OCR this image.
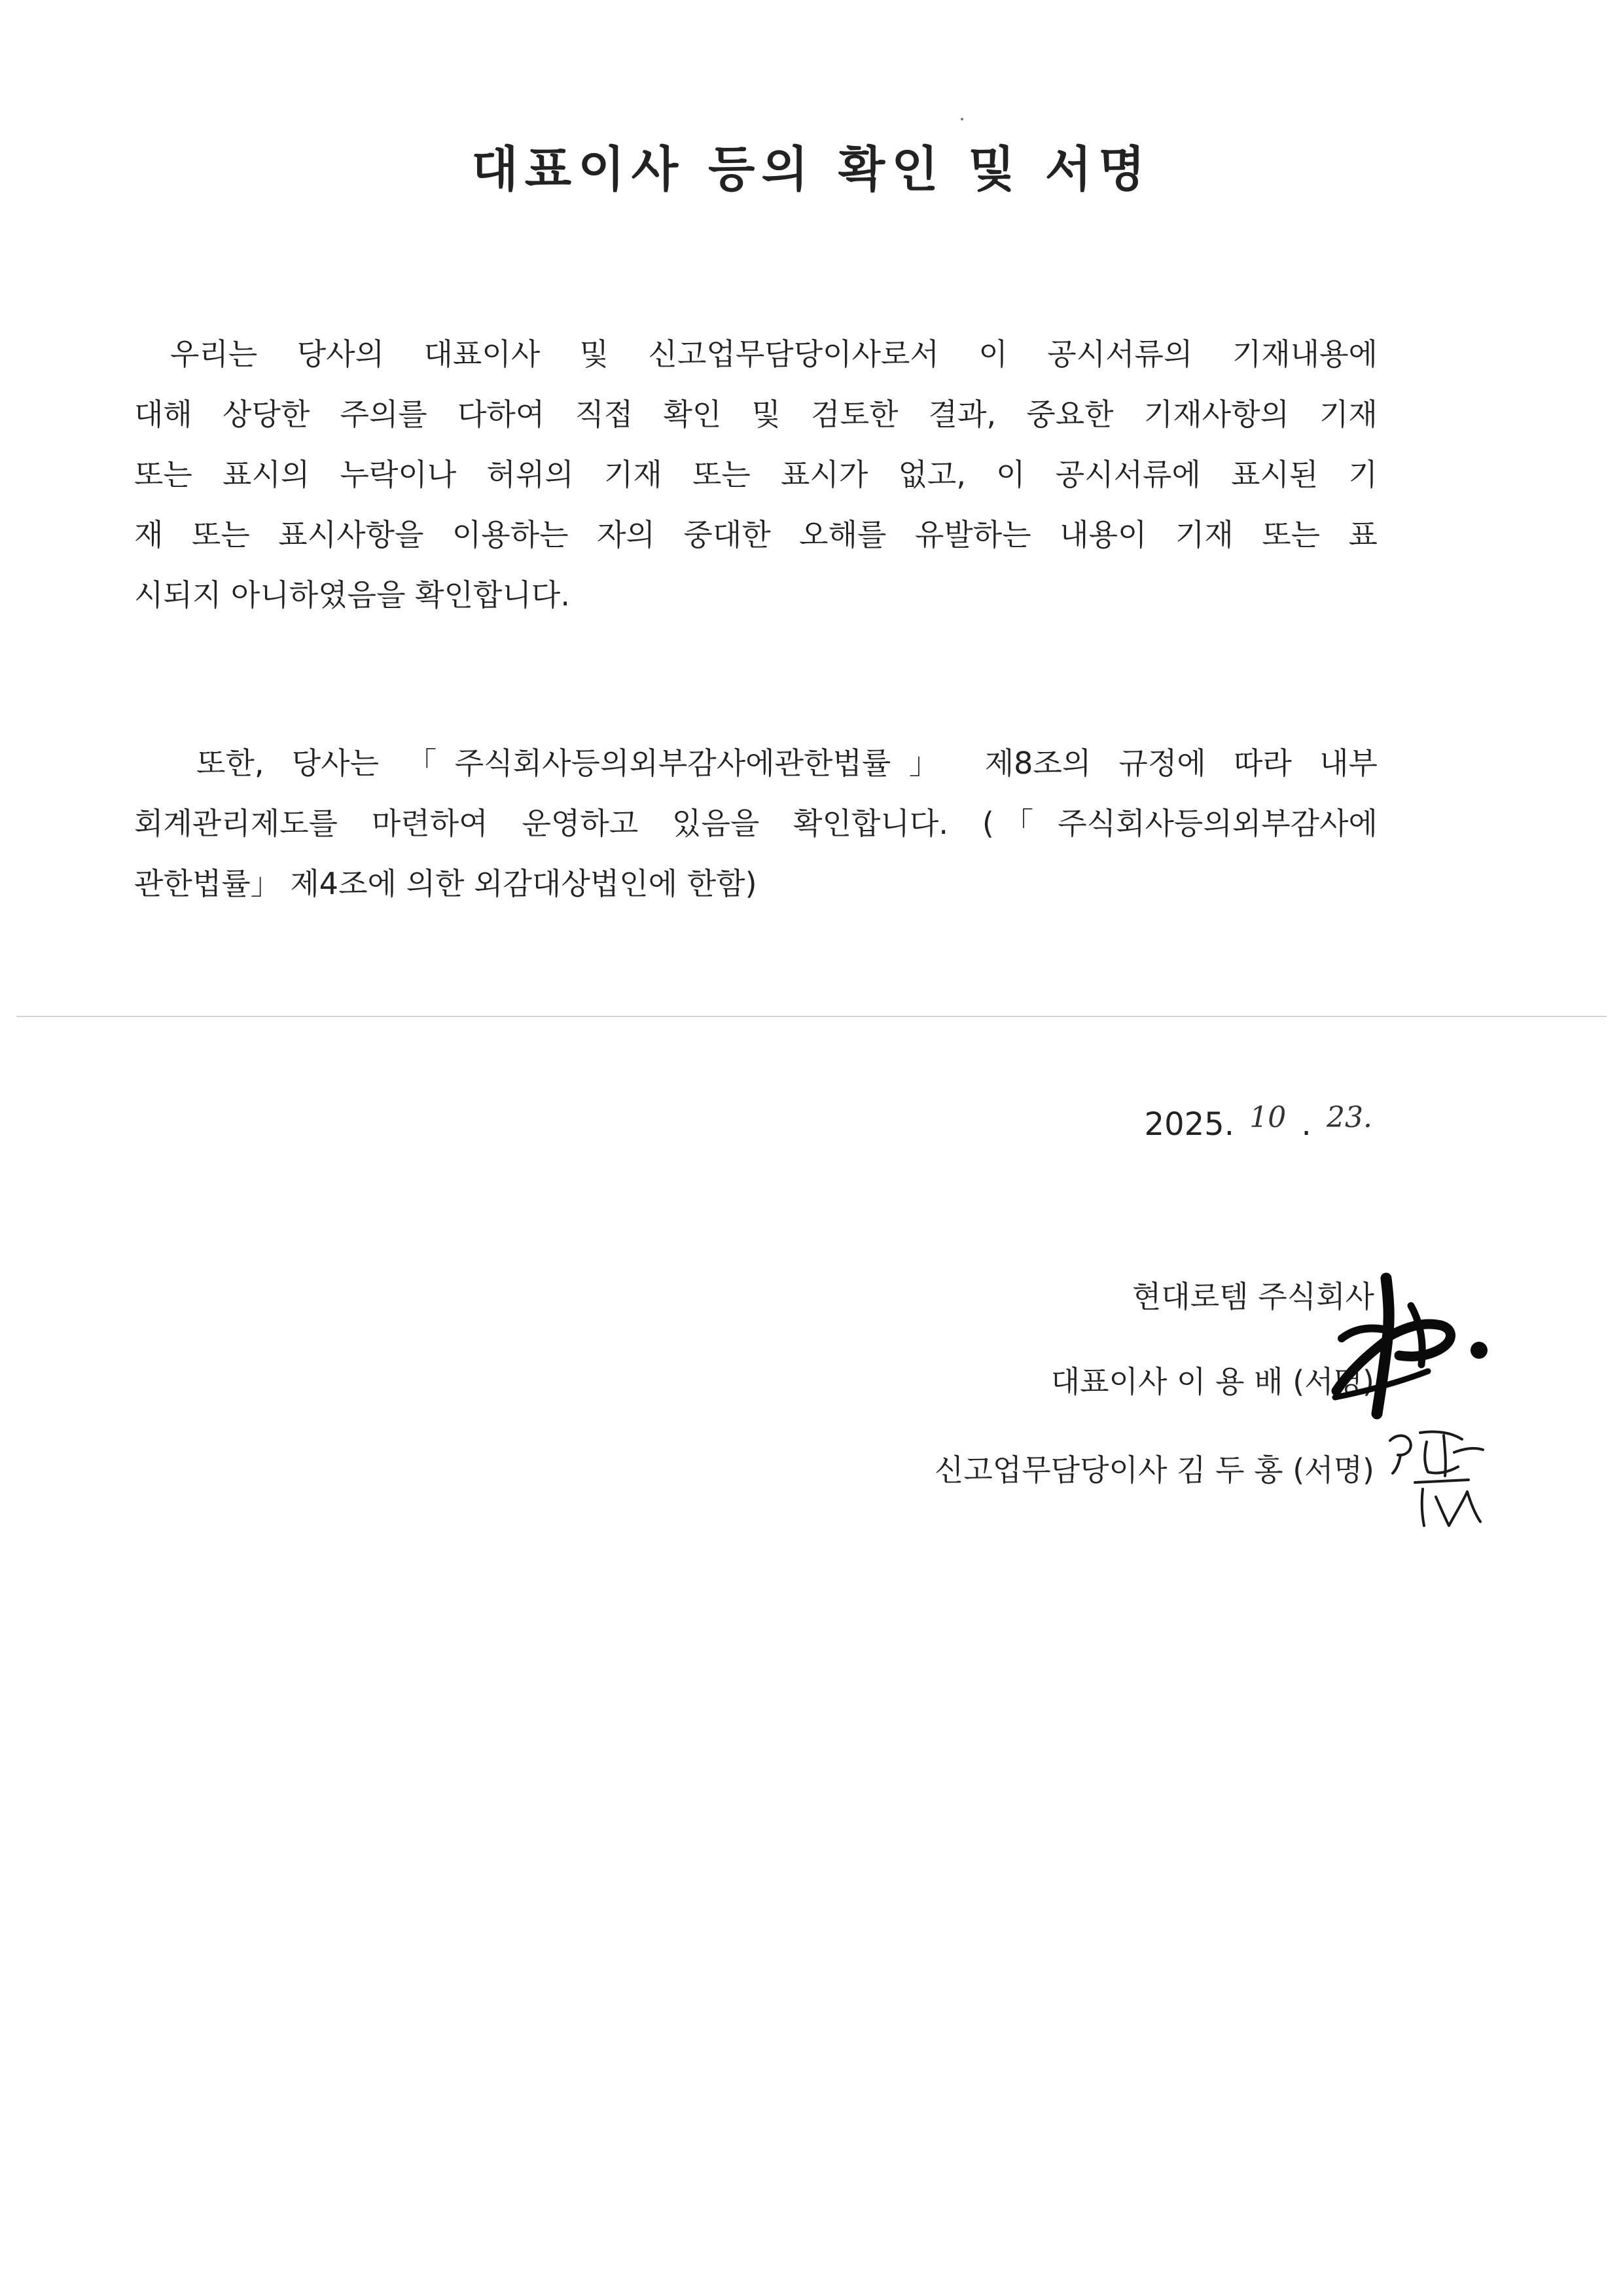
대표이사 등의 확인 및 서명
우리는 당사의 대표이사 및 신고업무담당이사로서 이 공시서류의 기재내용에
대해 상당한 주의를 다하여 직접 확인 및 검토한 결과, 중요한 기재사항의 기재
또는 표시의 누락이나 허위의 기재 또는 표시가 없고, 이 공시서류에 표시된 기
재 또는 표시사항을 이용하는 자의 중대한 오해를 유발하는 내용이 기재 또는 표
시되지 아니하였음을 확인합니다.
또한, 당사는 「주식회사등의외부감사에관한법률」 제8조의 규정에 따라 내부
회계관리제도를 마련하여 운영하고 있음을 확인합니다. (「주식회사등의외부감사에
관한법률」 제4조에 의한 외감대상법인에 한함)
2025. 10 . 23.
현대로템 주식회사
대표이사 이 용 배 (서명)
신고업무담당이사 김 두 홍 (서명)
